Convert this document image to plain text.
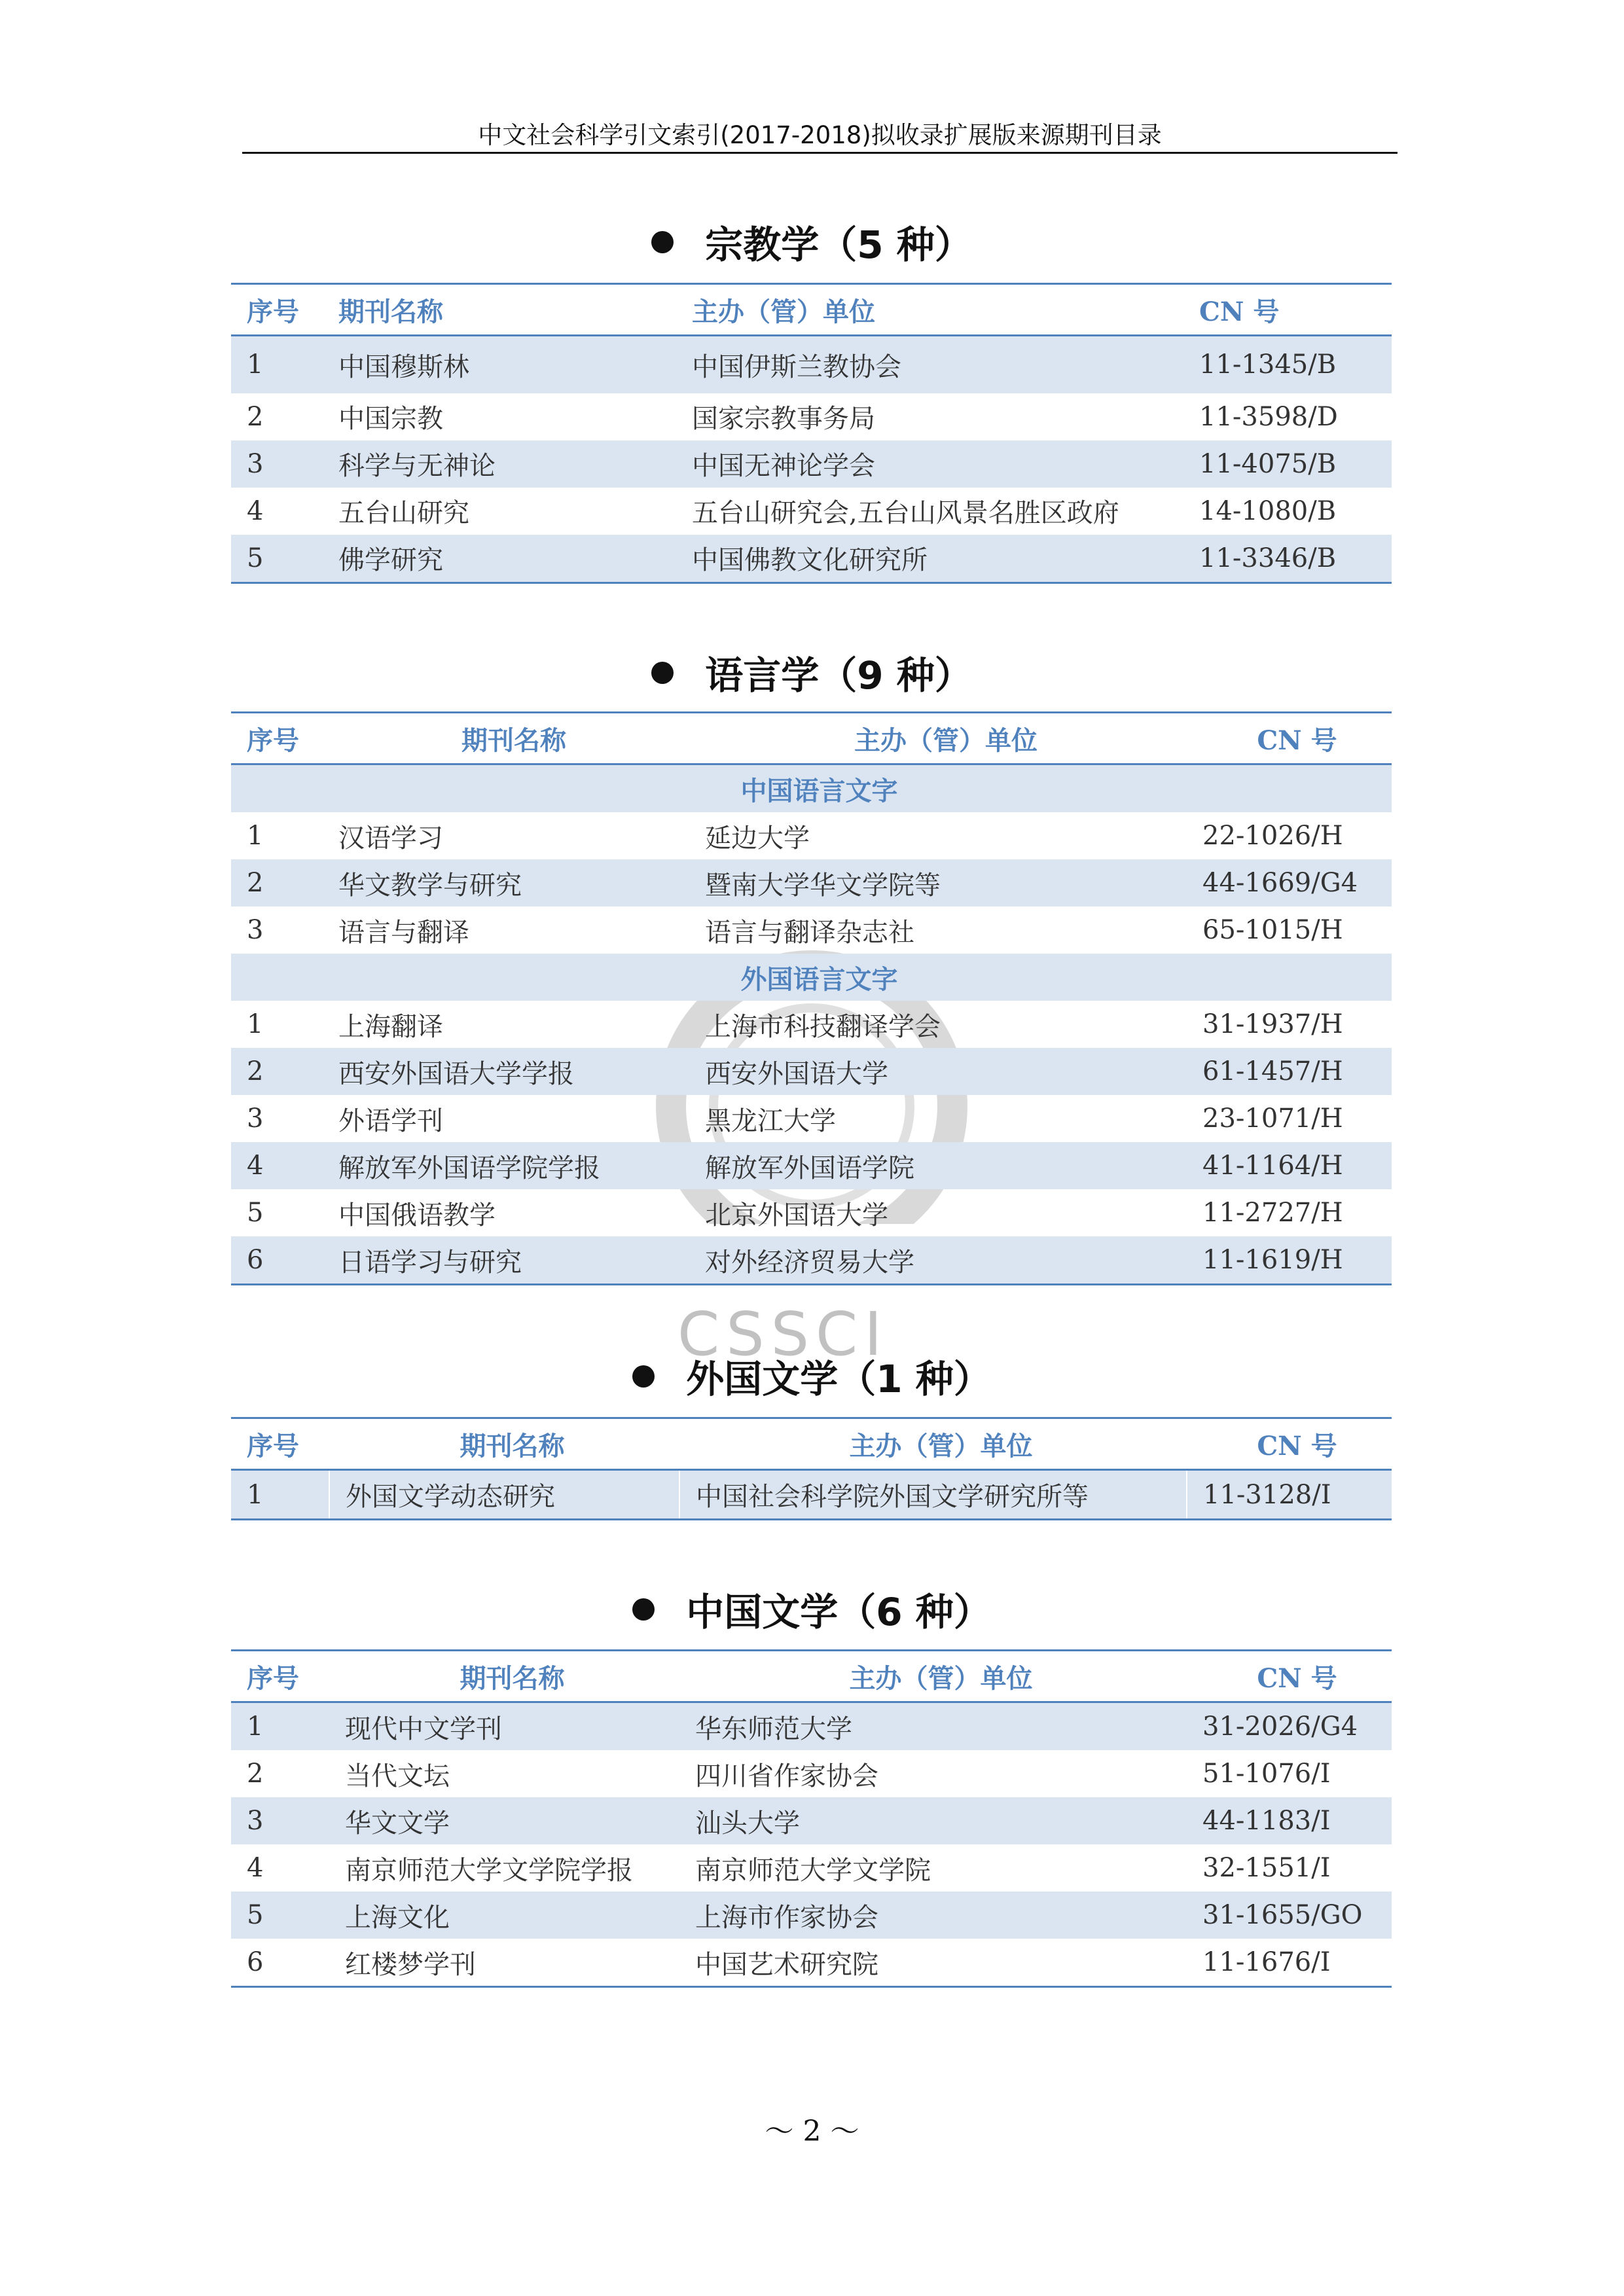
中文社会科学引文索引(2017-2018)拟收录扩展版来源期刊目录
CSSCI
宗教学（5 种）
序号	期刊名称	主办（管）单位	CN 号
1	中国穆斯林	中国伊斯兰教协会	11-1345/B
2	中国宗教	国家宗教事务局	11-3598/D
3	科学与无神论	中国无神论学会	11-4075/B
4	五台山研究	五台山研究会,五台山风景名胜区政府	14-1080/B
5	佛学研究	中国佛教文化研究所	11-3346/B
语言学（9 种）
序号	期刊名称	主办（管）单位	CN 号
中国语言文字			
1	汉语学习	延边大学	22-1026/H
2	华文教学与研究	暨南大学华文学院等	44-1669/G4
3	语言与翻译	语言与翻译杂志社	65-1015/H
外国语言文字			
1	上海翻译	上海市科技翻译学会	31-1937/H
2	西安外国语大学学报	西安外国语大学	61-1457/H
3	外语学刊	黑龙江大学	23-1071/H
4	解放军外国语学院学报	解放军外国语学院	41-1164/H
5	中国俄语教学	北京外国语大学	11-2727/H
6	日语学习与研究	对外经济贸易大学	11-1619/H
外国文学（1 种）
序号	期刊名称	主办（管）单位	CN 号
1	外国文学动态研究	中国社会科学院外国文学研究所等	11-3128/I
中国文学（6 种）
序号	期刊名称	主办（管）单位	CN 号
1	现代中文学刊	华东师范大学	31-2026/G4
2	当代文坛	四川省作家协会	51-1076/I
3	华文文学	汕头大学	44-1183/I
4	南京师范大学文学院学报	南京师范大学文学院	32-1551/I
5	上海文化	上海市作家协会	31-1655/GO
6	红楼梦学刊	中国艺术研究院	11-1676/I
～ 2 ～
